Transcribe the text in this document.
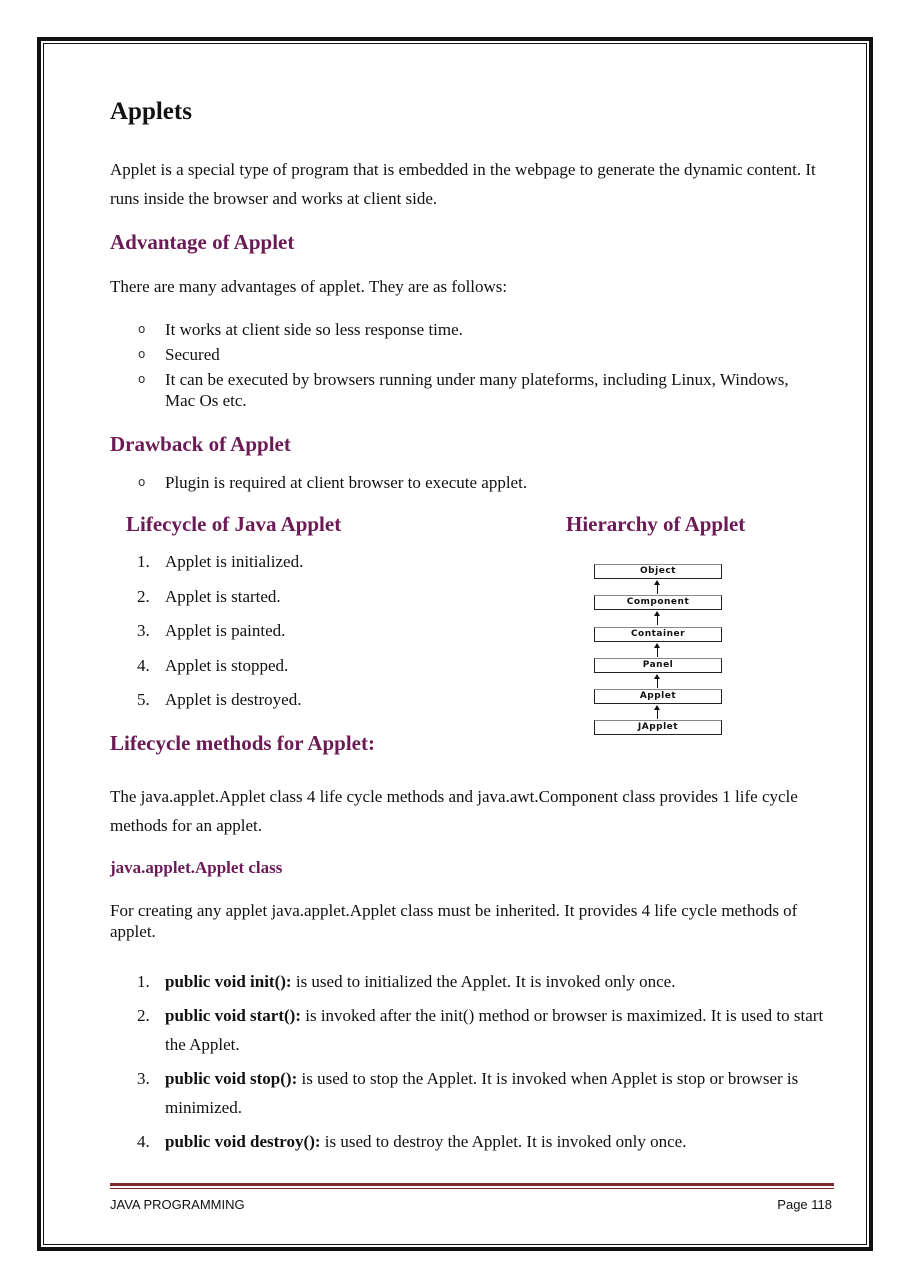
Applets

Applet is a special type of program that is embedded in the webpage to generate the dynamic content. It runs inside the browser and works at client side.

Advantage of Applet

There are many advantages of applet. They are as follows:

o It works at client side so less response time.
o Secured
o It can be executed by browsers running under many plateforms, including Linux, Windows, Mac Os etc.
Drawback of Applet
o Plugin is required at client browser to execute applet.
Lifecycle of Java Applet
1. Applet is initialized.
2. Applet is started.
3. Applet is painted.
4. Applet is stopped.
5. Applet is destroyed.
Hierarchy of Applet
Object
Component
Container
Panel
Applet
JApplet
Lifecycle methods for Applet:

The java.applet.Applet class 4 life cycle methods and java.awt.Component class provides 1 life cycle methods for an applet.

java.applet.Applet class

For creating any applet java.applet.Applet class must be inherited. It provides 4 life cycle methods of applet.

1. public void init(): is used to initialized the Applet. It is invoked only once.
2. public void start(): is invoked after the init() method or browser is maximized. It is used to start the Applet.
3. public void stop(): is used to stop the Applet. It is invoked when Applet is stop or browser is minimized.
4. public void destroy(): is used to destroy the Applet. It is invoked only once.
JAVA PROGRAMMING	Page 118
